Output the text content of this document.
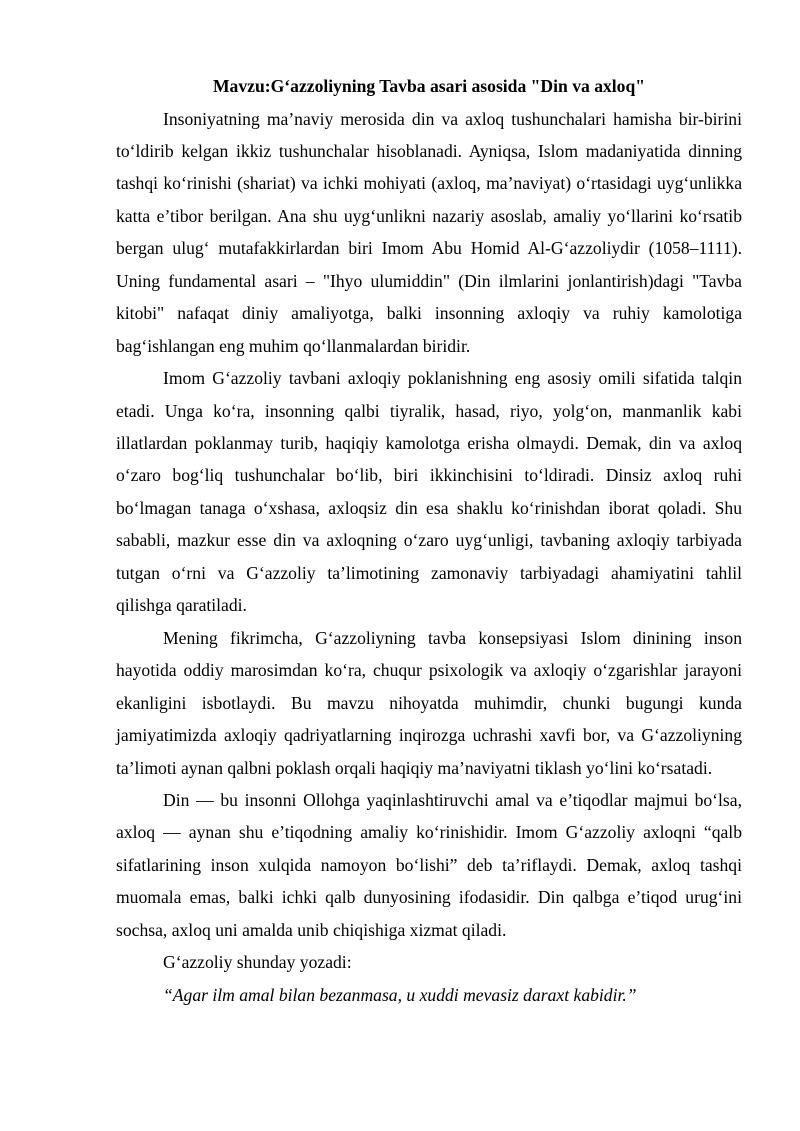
Mavzu:G‘azzoliyning Tavba asari asosida "Din va axloq"

Insoniyatning ma’naviy merosida din va axloq tushunchalari hamisha bir-birini to‘ldirib kelgan ikkiz tushunchalar hisoblanadi. Ayniqsa, Islom madaniyatida dinning tashqi ko‘rinishi (shariat) va ichki mohiyati (axloq, ma’naviyat) o‘rtasidagi uyg‘unlikka katta e’tibor berilgan. Ana shu uyg‘unlikni nazariy asoslab, amaliy yo‘llarini ko‘rsatib bergan ulug‘ mutafakkirlardan biri Imom Abu Homid Al-G‘azzoliydir (1058–1111). Uning fundamental asari – "Ihyo ulumiddin" (Din ilmlarini jonlantirish)dagi "Tavba kitobi" nafaqat diniy amaliyotga, balki insonning axloqiy va ruhiy kamolotiga bag‘ishlangan eng muhim qo‘llanmalardan biridir.

Imom G‘azzoliy tavbani axloqiy poklanishning eng asosiy omili sifatida talqin etadi. Unga ko‘ra, insonning qalbi tiyralik, hasad, riyo, yolg‘on, manmanlik kabi illatlardan poklanmay turib, haqiqiy kamolotga erisha olmaydi. Demak, din va axloq o‘zaro bog‘liq tushunchalar bo‘lib, biri ikkinchisini to‘ldiradi. Dinsiz axloq ruhi bo‘lmagan tanaga o‘xshasa, axloqsiz din esa shaklu ko‘rinishdan iborat qoladi. Shu sababli, mazkur esse din va axloqning o‘zaro uyg‘unligi, tavbaning axloqiy tarbiyada tutgan o‘rni va G‘azzoliy ta’limotining zamonaviy tarbiyadagi ahamiyatini tahlil qilishga qaratiladi.

Mening fikrimcha, G‘azzoliyning tavba konsepsiyasi Islom dinining inson hayotida oddiy marosimdan ko‘ra, chuqur psixologik va axloqiy o‘zgarishlar jarayoni ekanligini isbotlaydi. Bu mavzu nihoyatda muhimdir, chunki bugungi kunda jamiyatimizda axloqiy qadriyatlarning inqirozga uchrashi xavfi bor, va G‘azzoliyning ta’limoti aynan qalbni poklash orqali haqiqiy ma’naviyatni tiklash yo‘lini ko‘rsatadi.

Din — bu insonni Ollohga yaqinlashtiruvchi amal va e’tiqodlar majmui bo‘lsa, axloq — aynan shu e’tiqodning amaliy ko‘rinishidir. Imom G‘azzoliy axloqni “qalb sifatlarining inson xulqida namoyon bo‘lishi” deb ta’riflaydi. Demak, axloq tashqi muomala emas, balki ichki qalb dunyosining ifodasidir. Din qalbga e’tiqod urug‘ini sochsa, axloq uni amalda unib chiqishiga xizmat qiladi.

G‘azzoliy shunday yozadi:

“Agar ilm amal bilan bezanmasa, u xuddi mevasiz daraxt kabidir.”
